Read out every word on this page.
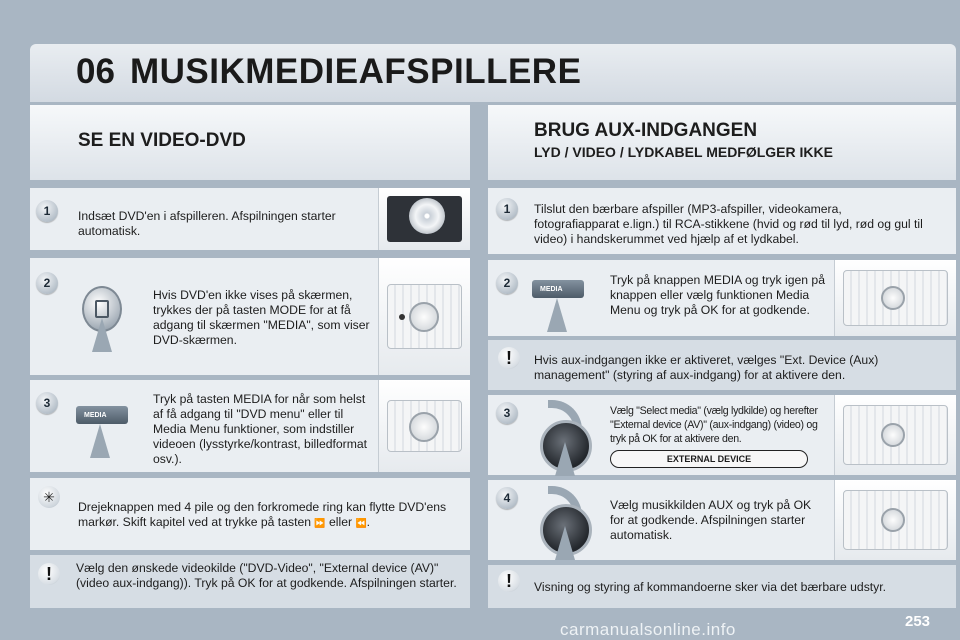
06 MUSIKMEDIEAFSPILLERE
SE EN VIDEO-DVD	BRUG AUX-INDGANGEN
LYD / VIDEO / LYDKABEL MEDFØLGER IKKE
1	Indsæt DVD'en i afspilleren. Afspilningen starter automatisk.
2
Hvis DVD'en ikke vises på skærmen, trykkes der på tasten MODE for at få adgang til skærmen "MEDIA", som viser DVD-skærmen.
3
MEDIA
Tryk på tasten MEDIA for når som helst af få adgang til "DVD menu" eller til Media Menu funktioner, som indstiller videoen (lysstyrke/kontrast, billedformat osv.).
✳
Drejeknappen med 4 pile og den forkromede ring kan flytte DVD'ens markør. Skift kapitel ved at trykke på tasten ⏩ eller ⏪.
!	Vælg den ønskede videokilde ("DVD-Video", "External device (AV)" (video aux-indgang)). Tryk på OK for at godkende. Afspilningen starter.
1	Tilslut den bærbare afspiller (MP3-afspiller, videokamera, fotografiapparat e.lign.) til RCA-stikkene (hvid og rød til lyd, rød og gul til video) i handskerummet ved hjælp af et lydkabel.
2	MEDIA
Tryk på knappen MEDIA og tryk igen på knappen eller vælg funktionen Media Menu og tryk på OK for at godkende.
!	Hvis aux-indgangen ikke er aktiveret, vælges "Ext. Device (Aux) management" (styring af aux-indgang) for at aktivere den.
3	Vælg "Select media" (vælg lydkilde) og herefter "External device (AV)" (aux-indgang) (video) og tryk på OK for at aktivere den.
EXTERNAL DEVICE
4	Vælg musikkilden AUX og tryk på OK for at godkende. Afspilningen starter automatisk.
!	Visning og styring af kommandoerne sker via det bærbare udstyr.
carmanualsonline.info	253
